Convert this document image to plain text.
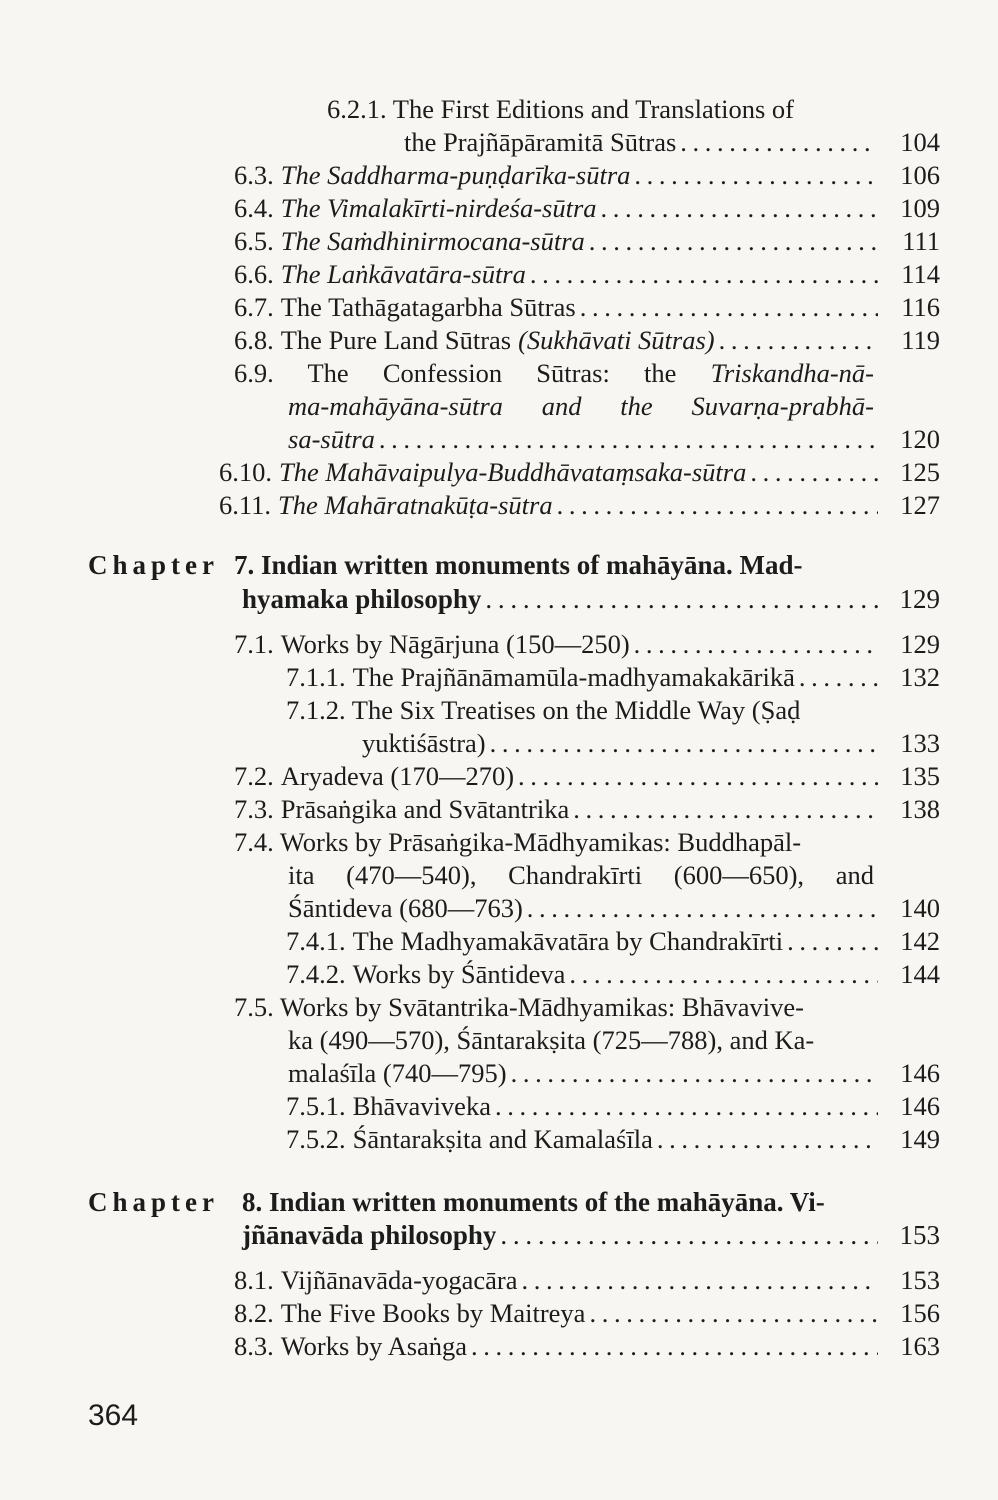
6.2.1. The First Editions and Translations of
the Prajñāpāramitā Sūtras . . .	104
6.3. The Saddharma-puṇḍarīka-sūtra . . .	106
6.4. The Vimalakīrti-nirdeśa-sūtra . . .	109
6.5. The Saṁdhinirmocana-sūtra . . .	111
6.6. The Laṅkāvatāra-sūtra . . .	114
6.7. The Tathāgatagarbha Sūtras . . .	116
6.8. The Pure Land Sūtras (Sukhāvati Sūtras) . . .	119
6.9. The Confession Sūtras: the Triskandha-nā-
ma-mahāyāna-sūtra and the Suvarṇa-prabhā-
sa-sūtra . . .	120
6.10. The Mahāvaipulya-Buddhāvataṃsaka-sūtra . . .	125
6.11. The Mahāratnakūṭa-sūtra . . .	127
Chapter 7. Indian written monuments of mahāyāna. Mad-
hyamaka philosophy . . .	129
7.1. Works by Nāgārjuna (150—250) . . .	129
7.1.1. The Prajñānāmamūla-madhyamakakārikā . . .	132
7.1.2. The Six Treatises on the Middle Way (Ṣaḍ
yuktiśāstra) . . .	133
7.2. Aryadeva (170—270) . . .	135
7.3. Prāsaṅgika and Svātantrika . . .	138
7.4. Works by Prāsaṅgika-Mādhyamikas: Buddhapāl-
ita (470—540), Chandrakīrti (600—650), and
Śāntideva (680—763) . . .	140
7.4.1. The Madhyamakāvatāra by Chandrakīrti . . .	142
7.4.2. Works by Śāntideva . . .	144
7.5. Works by Svātantrika-Mādhyamikas: Bhāvavive-
ka (490—570), Śāntarakṣita (725—788), and Ka-
malaśīla (740—795) . . .	146
7.5.1. Bhāvaviveka . . .	146
7.5.2. Śāntarakṣita and Kamalaśīla . . .	149
Chapter 8. Indian written monuments of the mahāyāna. Vi-
jñānavāda philosophy . . .	153
8.1. Vijñānavāda-yogacāra . . .	153
8.2. The Five Books by Maitreya . . .	156
8.3. Works by Asaṅga . . .	163
364
